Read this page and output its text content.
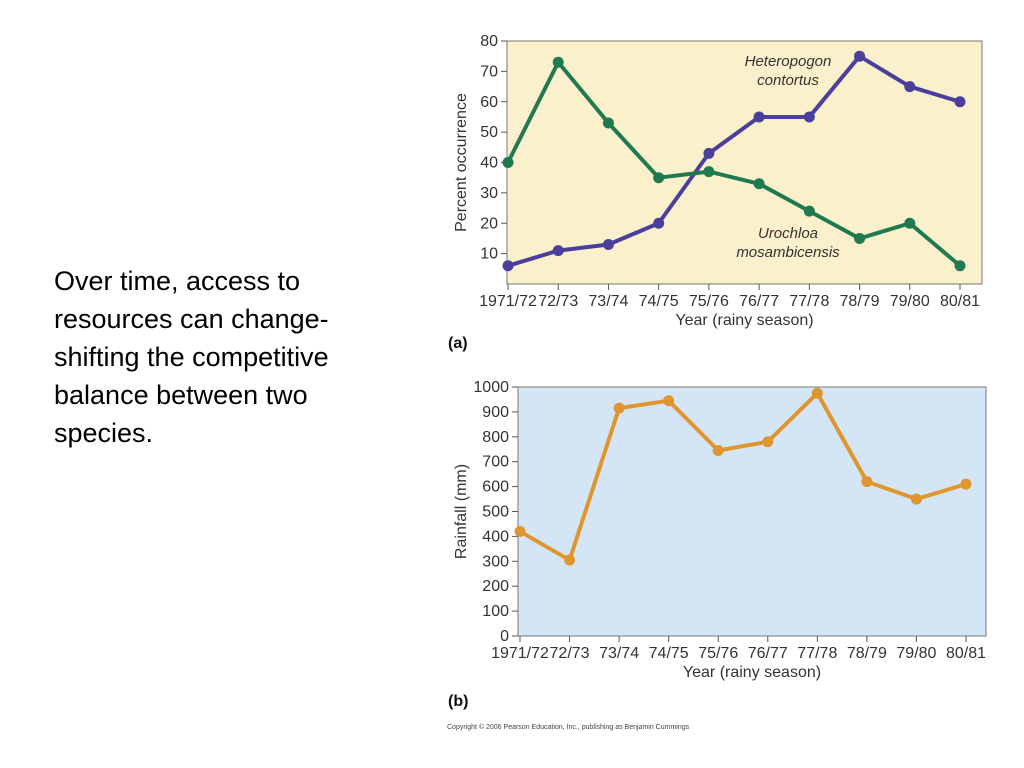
Over time, access to resources can change-shifting the competitive balance between two species.
10
20
30
40
50
60
70
80
1971/72 72/73 73/74 74/75 75/76 76/77 77/78 78/79 79/80 80/81
Year (rainy season)
Percent occurrence
(a)
Heteropogon
contortus
Urochloa
mosambicensis
0
100
200
300
400
500
600
700
800
900
1000
1971/72 72/73 73/74 74/75 75/76 76/77 77/78 78/79 79/80 80/81
Year (rainy season)
Rainfall (mm)
(b)
Copyright © 2006 Pearson Education, Inc., publishing as Benjamin Cummings
